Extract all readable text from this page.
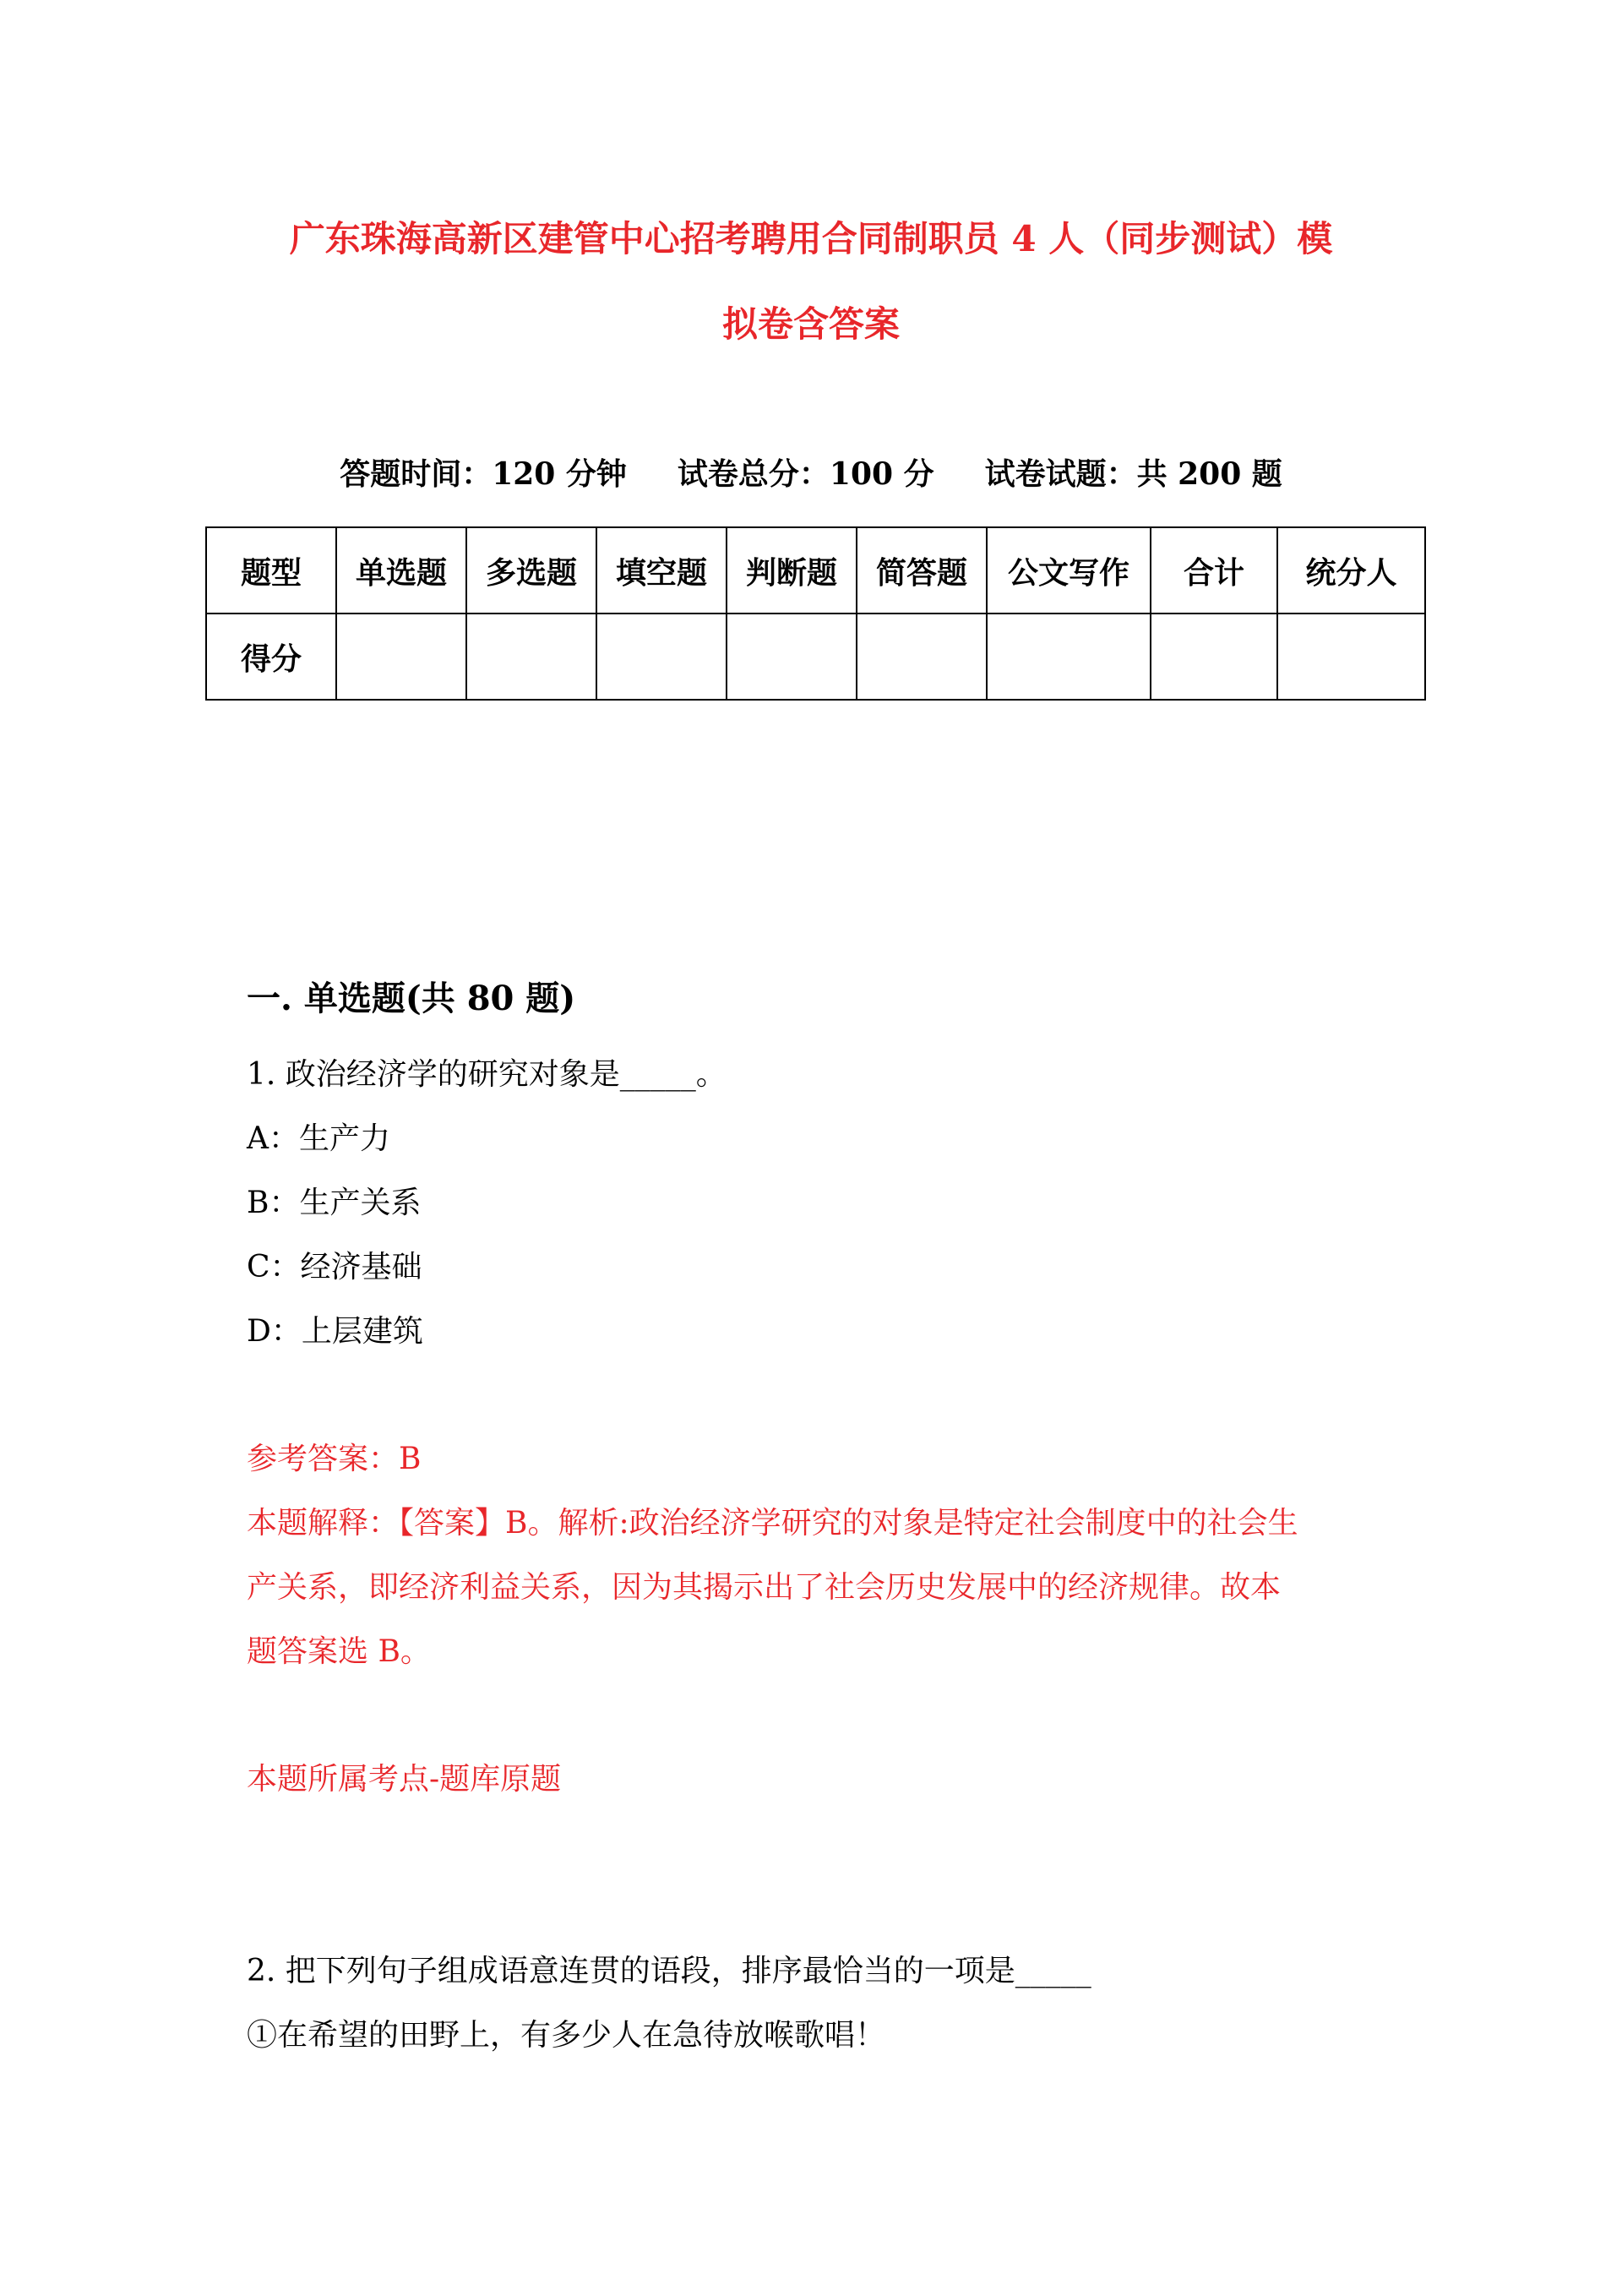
广东珠海高新区建管中心招考聘用合同制职员 4 人（同步测试）模
拟卷含答案
答题时间：120 分钟 试卷总分：100 分 试卷试题：共 200 题
题型	单选题	多选题	填空题	判断题	简答题	公文写作	合计	统分人
得分								
一. 单选题(共 80 题)
1. 政治经济学的研究对象是_____。
A：生产力
B：生产关系
C：经济基础
D：上层建筑
参考答案：B
本题解释：【答案】B。解析:政治经济学研究的对象是特定社会制度中的社会生
产关系，即经济利益关系，因为其揭示出了社会历史发展中的经济规律。故本
题答案选 B。
本题所属考点-题库原题
2. 把下列句子组成语意连贯的语段，排序最恰当的一项是_____
①在希望的田野上，有多少人在急待放喉歌唱！
